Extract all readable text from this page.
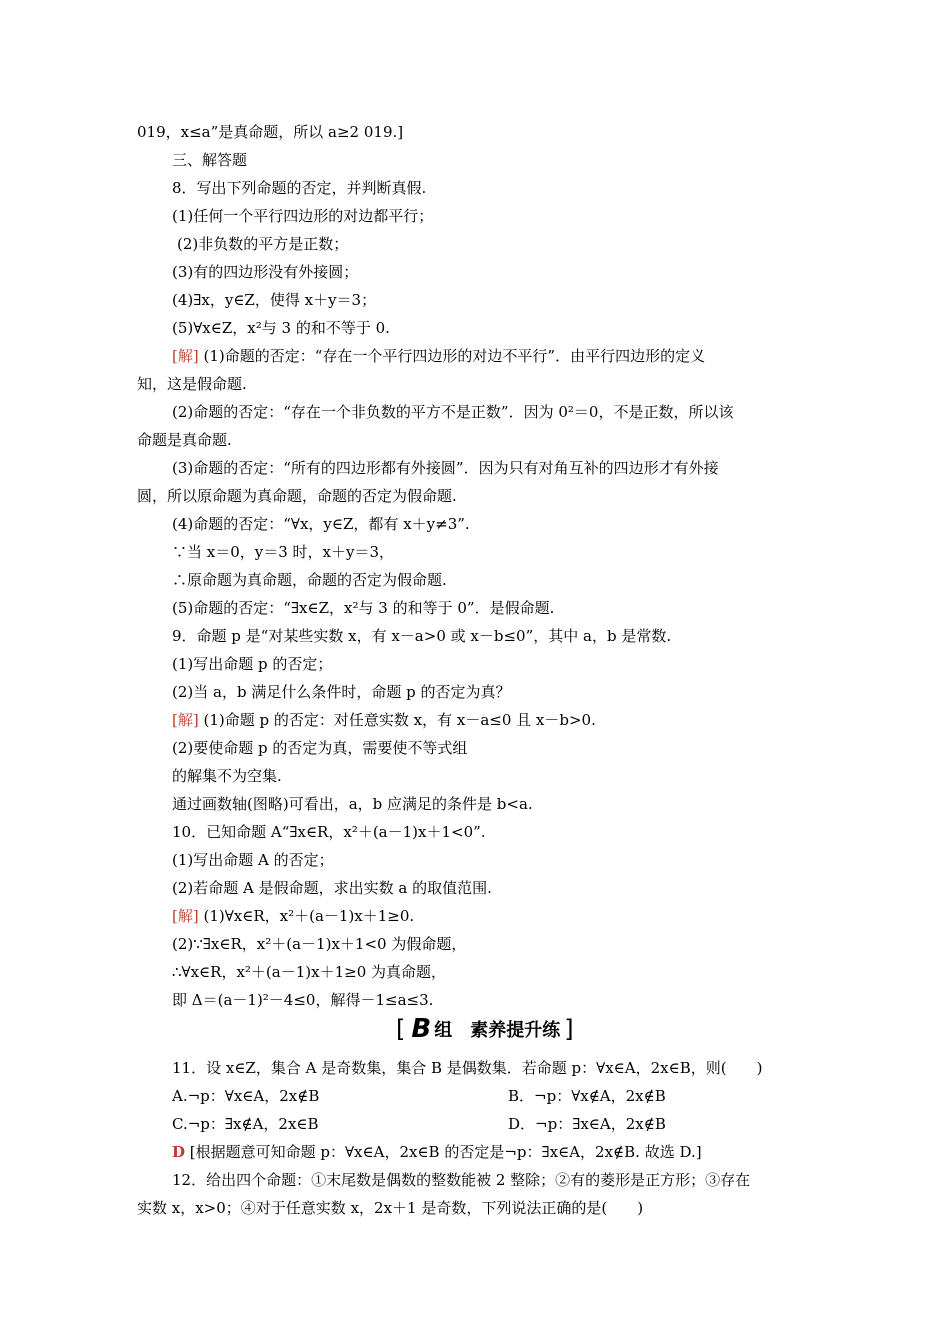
019，x≤a”是真命题，所以 a≥2 019.]
三、解答题
8．写出下列命题的否定，并判断真假.
(1)任何一个平行四边形的对边都平行；
(2)非负数的平方是正数；
(3)有的四边形没有外接圆；
(4)∃x，y∈Z，使得 x＋y＝3；
(5)∀x∈Z，x²与 3 的和不等于 0.
[解] (1)命题的否定：“存在一个平行四边形的对边不平行”．由平行四边形的定义
知，这是假命题.
(2)命题的否定：“存在一个非负数的平方不是正数”．因为 0²＝0，不是正数，所以该
命题是真命题.
(3)命题的否定：“所有的四边形都有外接圆”．因为只有对角互补的四边形才有外接
圆，所以原命题为真命题，命题的否定为假命题.
(4)命题的否定：“∀x，y∈Z，都有 x＋y≠3”.
∵当 x＝0，y＝3 时，x＋y＝3，
∴原命题为真命题，命题的否定为假命题.
(5)命题的否定：“∃x∈Z，x²与 3 的和等于 0”．是假命题.
9．命题 p 是“对某些实数 x，有 x－a>0 或 x－b≤0”，其中 a，b 是常数.
(1)写出命题 p 的否定；
(2)当 a，b 满足什么条件时，命题 p 的否定为真？
[解] (1)命题 p 的否定：对任意实数 x，有 x－a≤0 且 x－b>0.
(2)要使命题 p 的否定为真，需要使不等式组
的解集不为空集.
通过画数轴(图略)可看出，a，b 应满足的条件是 b<a.
10．已知命题 A“∃x∈R，x²＋(a－1)x＋1<0”.
(1)写出命题 A 的否定；
(2)若命题 A 是假命题，求出实数 a 的取值范围.
[解] (1)∀x∈R，x²＋(a－1)x＋1≥0.
(2)∵∃x∈R，x²＋(a－1)x＋1<0 为假命题，
∴∀x∈R，x²＋(a－1)x＋1≥0 为真命题，
即 Δ＝(a－1)²－4≤0，解得－1≤a≤3.
11．设 x∈Z，集合 A 是奇数集，集合 B 是偶数集．若命题 p：∀x∈A，2x∈B，则(　　)
A.¬p：∀x∈A，2x∉B	B．¬p：∀x∉A，2x∉B
C.¬p：∃x∉A，2x∈B	D．¬p：∃x∈A，2x∉B
D [根据题意可知命题 p：∀x∈A，2x∈B 的否定是¬p：∃x∈A，2x∉B. 故选 D.]
12．给出四个命题：①末尾数是偶数的整数能被 2 整除；②有的菱形是正方形；③存在
实数 x，x>0；④对于任意实数 x，2x＋1 是奇数，下列说法正确的是(　　)
[ B 组 素养提升练 ]
